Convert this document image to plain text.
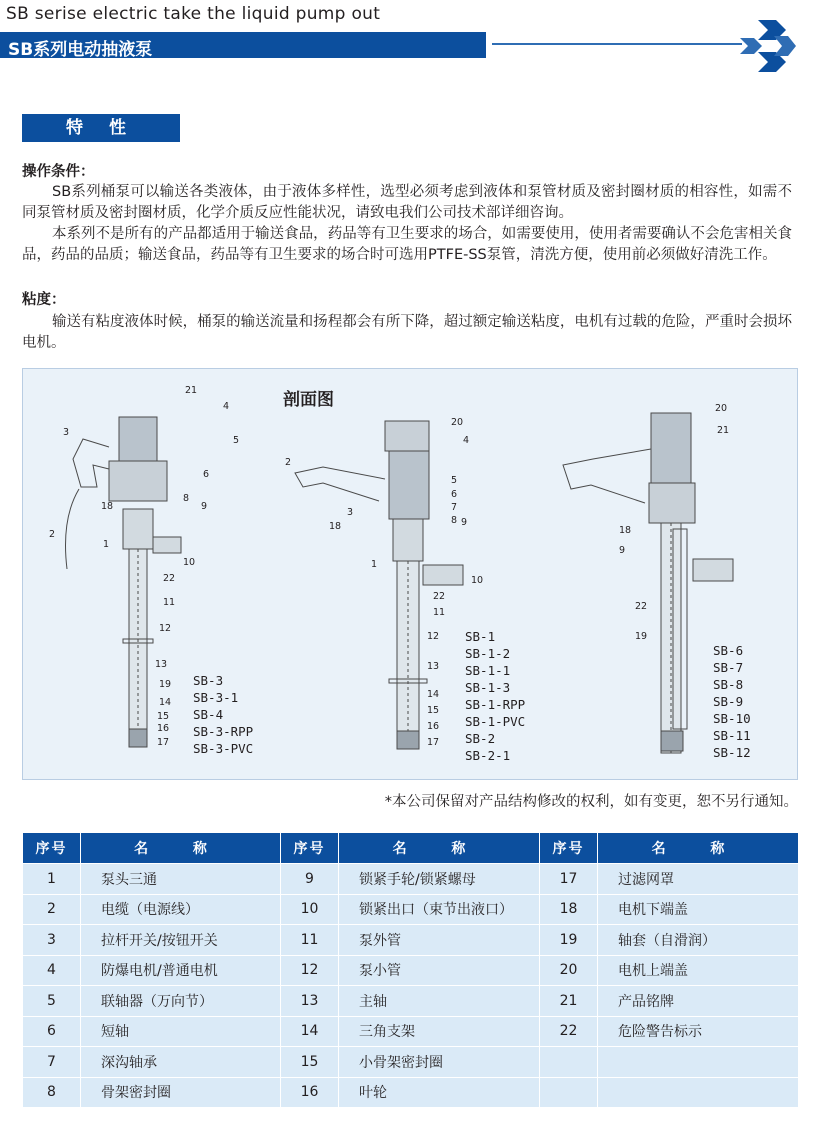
SB serise electric take the liquid pump out
SB系列电动抽液泵
特 性
操作条件：
SB系列桶泵可以输送各类液体，由于液体多样性，选型必须考虑到液体和泵管材质及密封圈材质的相容性，如需不同泵管材质及密封圈材质，化学介质反应性能状况，请致电我们公司技术部详细咨询。
本系列不是所有的产品都适用于输送食品，药品等有卫生要求的场合，如需要使用，使用者需要确认不会危害相关食品，药品的品质；输送食品，药品等有卫生要求的场合时可选用PTFE-SS泵管，清洗方便，使用前必须做好清洗工作。
粘度：
输送有粘度液体时候，桶泵的输送流量和扬程都会有所下降，超过额定输送粘度，电机有过载的危险，严重时会损坏电机。
剖面图
SB-3
SB-3-1
SB-4
SB-3-RPP
SB-3-PVC
SB-1
SB-1-2
SB-1-1
SB-1-3
SB-1-RPP
SB-1-PVC
SB-2
SB-2-1
SB-6
SB-7
SB-8
SB-9
SB-10
SB-11
SB-12
21
4
3
5
6
8
18	9
2
1
10
22
11
12
13
19
14
15
16
17
20
4
2
5
6
7
8 9
3
18
1
10
22
11
12
13
14
15
16
17
20
21
18
9
22
19
*本公司保留对产品结构修改的权利，如有变更，恕不另行通知。
序号	名 称	序号	名 称	序号	名 称
1	泵头三通	9	锁紧手轮/锁紧螺母	17	过滤网罩
2	电缆（电源线）	10	锁紧出口（束节出液口）	18	电机下端盖
3	拉杆开关/按钮开关	11	泵外管	19	轴套（自滑润）
4	防爆电机/普通电机	12	泵小管	20	电机上端盖
5	联轴器（万向节）	13	主轴	21	产品铭牌
6	短轴	14	三角支架	22	危险警告标示
7	深沟轴承	15	小骨架密封圈		
8	骨架密封圈	16	叶轮		
